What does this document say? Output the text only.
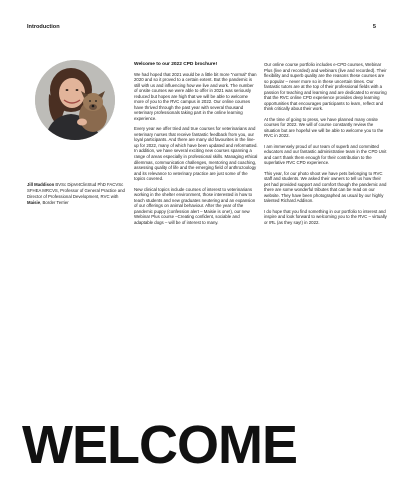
Introduction	5
Jill Maddison BVSc DipVetClinStud PhD FACVSc SFHEA MRCVS, Professor of General Practice and Director of Professional Development, RVC with Maisie, Border Terrier

Welcome to our 2022 CPD brochure!

We had hoped that 2021 would be a little bit more “normal” than 2020 and so it proved to a certain extent. But the pandemic is still with us and influencing how we live and work. The number of onsite courses we were able to offer in 2021 was seriously reduced but hopes are high that we will be able to welcome more of you to the RVC campus in 2022. Our online courses have thrived through the past year with several thousand veterinary professionals taking part in the online learning experience.

Every year we offer tried and true courses for veterinarians and veterinary nurses that receive fantastic feedback from you, our loyal participants. And there are many old favourites in the line-up for 2022, many of which have been updated and reformatted. In addition, we have several exciting new courses spanning a range of areas especially in professional skills. Managing ethical dilemmas, communication challenges, mentoring and coaching, assessing quality of life and the emerging field of anthrozoology and its relevance to veterinary practice are just some of the topics covered.

New clinical topics include courses of interest to veterinarians working in the shelter environment, those interested in how to teach students and new graduates neutering and an expansion of our offerings on animal behaviour. After the year of the pandemic puppy (confession alert – Maisie is one!), our new Webinar Plus course –Creating confident, sociable and adaptable dogs – will be of interest to many.

Our online course portfolio includes e-CPD courses, Webinar Plus (live and recorded) and webinars (live and recorded). Their flexibility and superb quality are the reasons these courses are so popular – never more so in these uncertain times. Our fantastic tutors are at the top of their professional fields with a passion for teaching and learning and are dedicated to ensuring that the RVC online CPD experience provides deep learning opportunities that encourages participants to learn, reflect and think critically about their work.

At the time of going to press, we have planned many onsite courses for 2022. We will of course constantly review the situation but are hopeful we will be able to welcome you to the RVC in 2022.

I am immensely proud of our team of superb and committed educators and our fantastic administrative team in the CPD Unit and can’t thank them enough for their contribution to the superlative RVC CPD experience.

This year, for our photo shoot we have pets belonging to RVC staff and students. We asked their owners to tell us how their pet had provided support and comfort though the pandemic and there are some wonderful tributes that can be read on our website. They have been photographed as usual by our highly talented Richard Addison.

I do hope that you find something in our portfolio to interest and inspire and look forward to welcoming you to the RVC – virtually or IRL (as they say!) in 2022.

WELCOME
